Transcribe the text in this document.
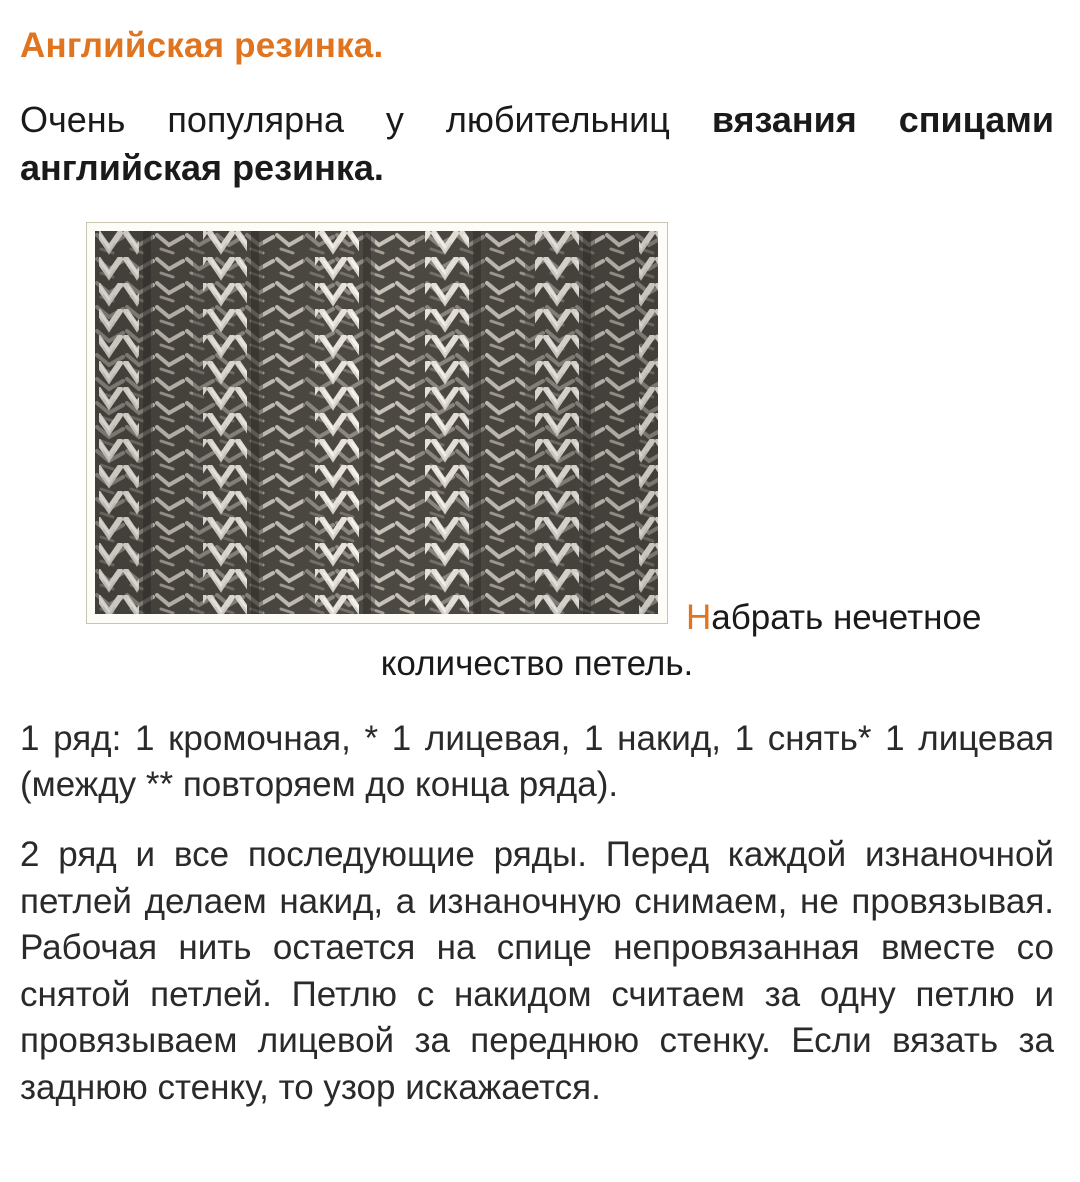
Английская резинка.

Очень популярна у любительниц вязания спицами английская резинка.

Набрать нечетное

количество петель.

1 ряд: 1 кромочная, * 1 лицевая, 1 накид, 1 снять* 1 лицевая (между ** повторяем до конца ряда).

2 ряд и все последующие ряды. Перед каждой изнаночной петлей делаем накид, а изнаночную снимаем, не провязывая. Рабочая нить остается на спице непровязанная вместе со снятой петлей. Петлю с накидом считаем за одну петлю и провязываем лицевой за переднюю стенку. Если вязать за заднюю стенку, то узор искажается.
